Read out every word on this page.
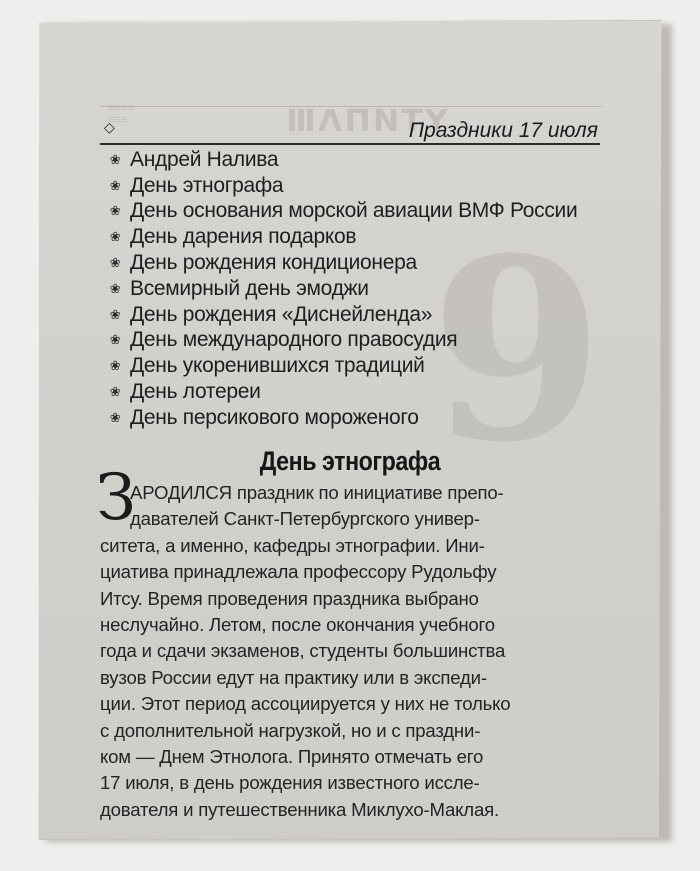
9
ⅢΛΠΝΤΥ
≡≡≡≡
≡≡≡
◇	Праздники 17 июля
❀ Андрей Налива
❀ День этнографа
❀ День основания морской авиации ВМФ России
❀ День дарения подарков
❀ День рождения кондиционера
❀ Всемирный день эмоджи
❀ День рождения «Диснейленда»
❀ День международного правосудия
❀ День укоренившихся традиций
❀ День лотереи
❀ День персикового мороженого
День этнографа
З
АРОДИЛСЯ праздник по инициативе препо-
давателей Санкт-Петербургского универ-
ситета, а именно, кафедры этнографии. Ини-
циатива принадлежала профессору Рудольфу
Итсу. Время проведения праздника выбрано
неслучайно. Летом, после окончания учебного
года и сдачи экзаменов, студенты большинства
вузов России едут на практику или в экспеди-
ции. Этот период ассоциируется у них не только
с дополнительной нагрузкой, но и с праздни-
ком — Днем Этнолога. Принято отмечать его
17 июля, в день рождения известного иссле-
дователя и путешественника Миклухо-Маклая.
